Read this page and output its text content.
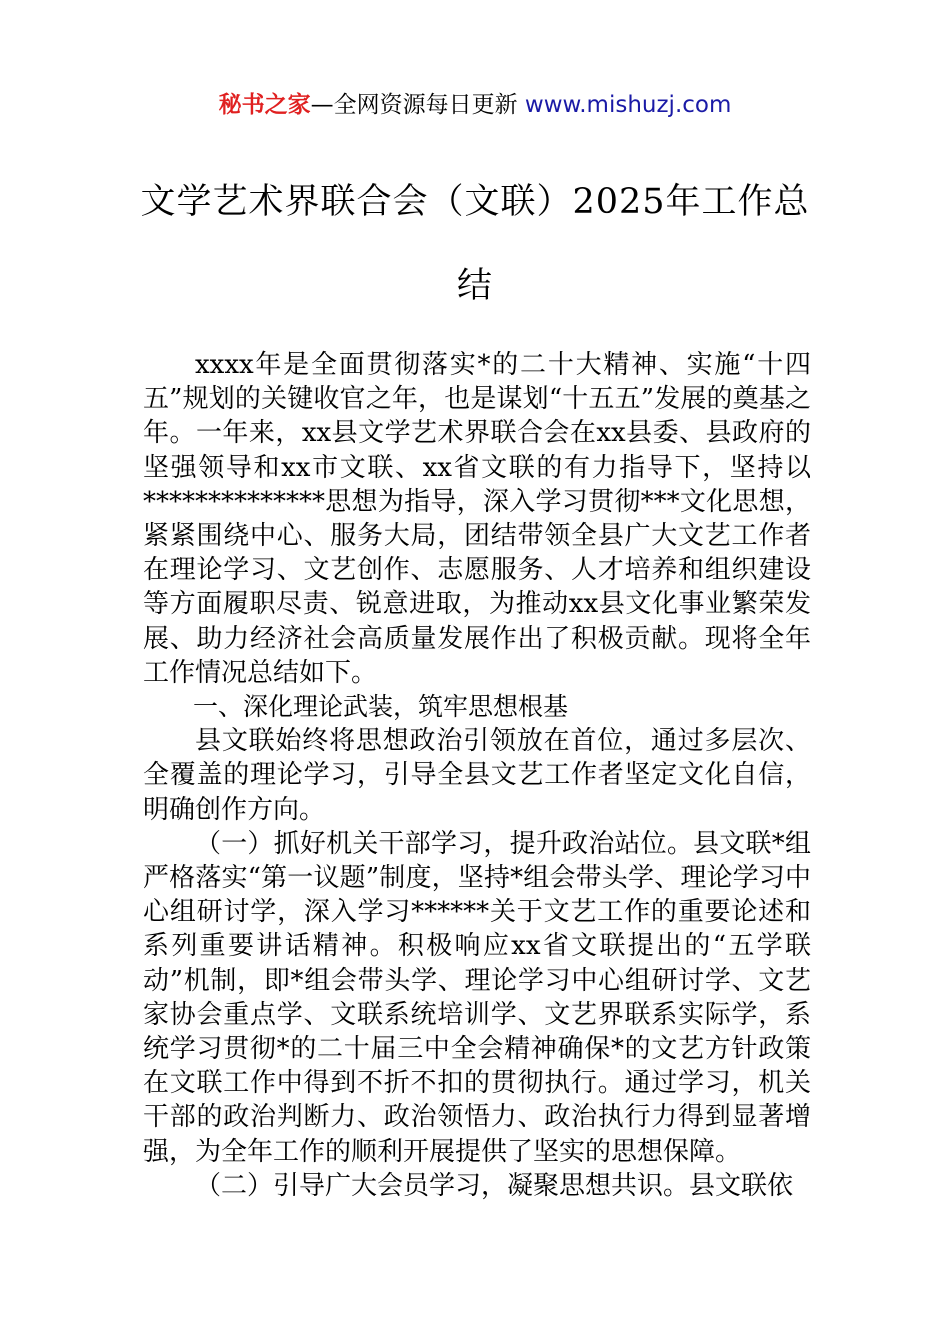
秘书之家—全网资源每日更新 www.mishuzj.com
文学艺术界联合会（文联）2025年工作总结

xxxx年是全面贯彻落实*的二十大精神、实施“十四五”规划的关键收官之年，也是谋划“十五五”发展的奠基之年。一年来，xx县文学艺术界联合会在xx县委、县政府的坚强领导和xx市文联、xx省文联的有力指导下，坚持以**************思想为指导，深入学习贯彻***文化思想，紧紧围绕中心、服务大局，团结带领全县广大文艺工作者在理论学习、文艺创作、志愿服务、人才培养和组织建设等方面履职尽责、锐意进取，为推动xx县文化事业繁荣发展、助力经济社会高质量发展作出了积极贡献。现将全年工作情况总结如下。

一、深化理论武装，筑牢思想根基

县文联始终将思想政治引领放在首位，通过多层次、全覆盖的理论学习，引导全县文艺工作者坚定文化自信，明确创作方向。

（一）抓好机关干部学习，提升政治站位。县文联*组严格落实“第一议题”制度，坚持*组会带头学、理论学习中心组研讨学，深入学习******关于文艺工作的重要论述和系列重要讲话精神。积极响应xx省文联提出的“五学联动”机制，即*组会带头学、理论学习中心组研讨学、文艺家协会重点学、文联系统培训学、文艺界联系实际学，系统学习贯彻*的二十届三中全会精神确保*的文艺方针政策在文联工作中得到不折不扣的贯彻执行。通过学习，机关干部的政治判断力、政治领悟力、政治执行力得到显著增强，为全年工作的顺利开展提供了坚实的思想保障。

（二）引导广大会员学习，凝聚思想共识。县文联依
